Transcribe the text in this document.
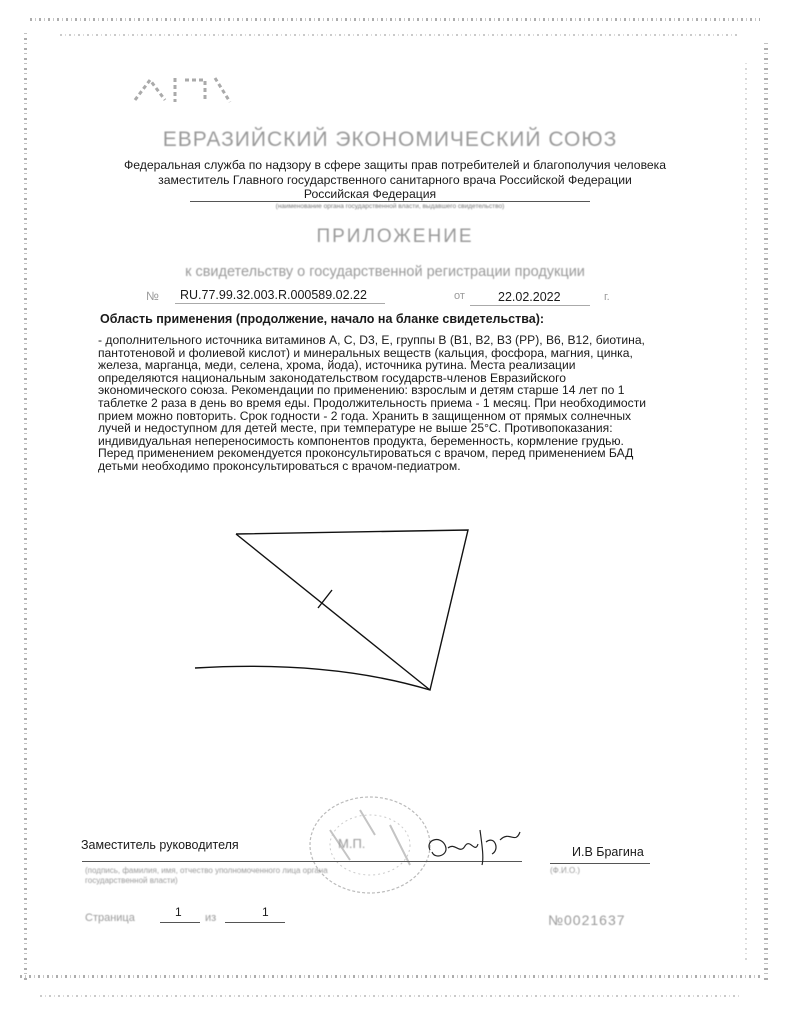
ЕВРАЗИЙСКИЙ ЭКОНОМИЧЕСКИЙ СОЮЗ
Федеральная служба по надзору в сфере защиты прав потребителей и благополучия человека
заместитель Главного государственного санитарного врача Российской Федерации
Российская Федерация
(наименование органа государственной власти, выдавшего свидетельство)
ПРИЛОЖЕНИЕ
к свидетельству о государственной регистрации продукции
№ RU.77.99.32.003.R.000589.02.22	от	22.02.2022	г.
Область применения (продолжение, начало на бланке свидетельства):
- дополнительного источника витаминов A, C, D3, E, группы B (B1, B2, B3 (PP), B6, B12, биотина,
пантотеновой и фолиевой кислот) и минеральных веществ (кальция, фосфора, магния, цинка,
железа, марганца, меди, селена, хрома, йода), источника рутина. Места реализации
определяются национальным законодательством государств-членов Евразийского
экономического союза. Рекомендации по применению: взрослым и детям старше 14 лет по 1
таблетке 2 раза в день во время еды. Продолжительность приема - 1 месяц. При необходимости
прием можно повторить. Срок годности - 2 года. Хранить в защищенном от прямых солнечных
лучей и недоступном для детей месте, при температуре не выше 25°C. Противопоказания:
индивидуальная непереносимость компонентов продукта, беременность, кормление грудью.
Перед применением рекомендуется проконсультироваться с врачом, перед применением БАД
детьми необходимо проконсультироваться с врачом-педиатром.
Заместитель руководителя	И.В Брагина
(подпись, фамилия, имя, отчество уполномоченного лица органа государственной власти)
(Ф.И.О.)
М.П.
Страница	1 из	1	№0021637
